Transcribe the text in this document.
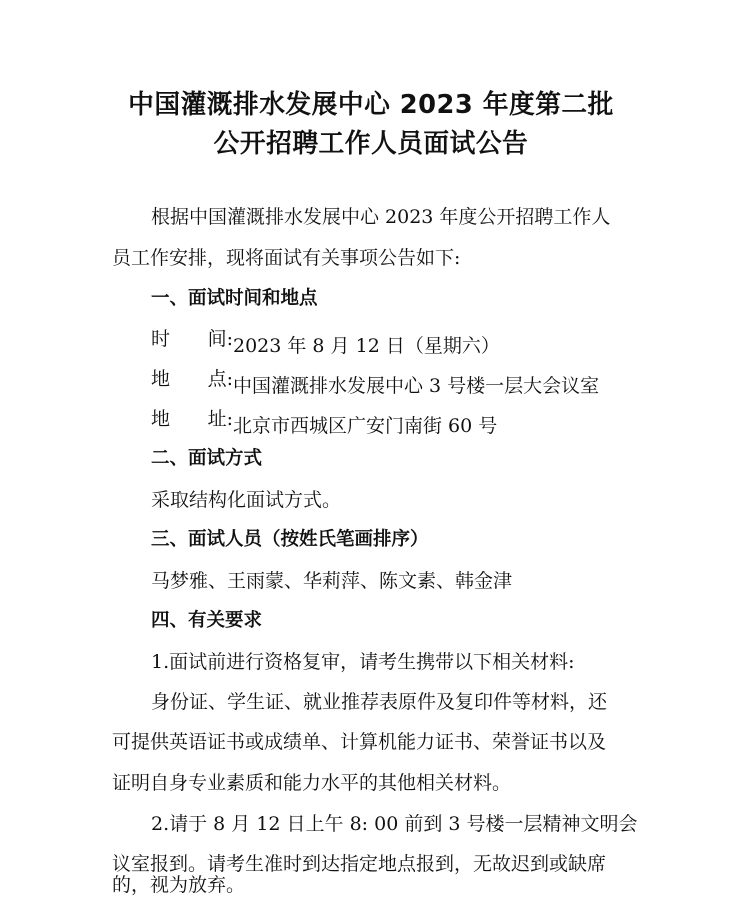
中国灌溉排水发展中心 2023 年度第二批
公开招聘工作人员面试公告
根据中国灌溉排水发展中心 2023 年度公开招聘工作人
员工作安排，现将面试有关事项公告如下:
一、面试时间和地点
时 间: 2023 年 8 月 12 日（星期六）
地 点: 中国灌溉排水发展中心 3 号楼一层大会议室
地 址: 北京市西城区广安门南街 60 号
二、面试方式
采取结构化面试方式。
三、面试人员（按姓氏笔画排序）
马梦雅、王雨蒙、华莉萍、陈文素、韩金津
四、有关要求
1.面试前进行资格复审，请考生携带以下相关材料:
身份证、学生证、就业推荐表原件及复印件等材料，还
可提供英语证书或成绩单、计算机能力证书、荣誉证书以及
证明自身专业素质和能力水平的其他相关材料。
2.请于 8 月 12 日上午 8: 00 前到 3 号楼一层精神文明会
议室报到。请考生准时到达指定地点报到，无故迟到或缺席
的，视为放弃。
